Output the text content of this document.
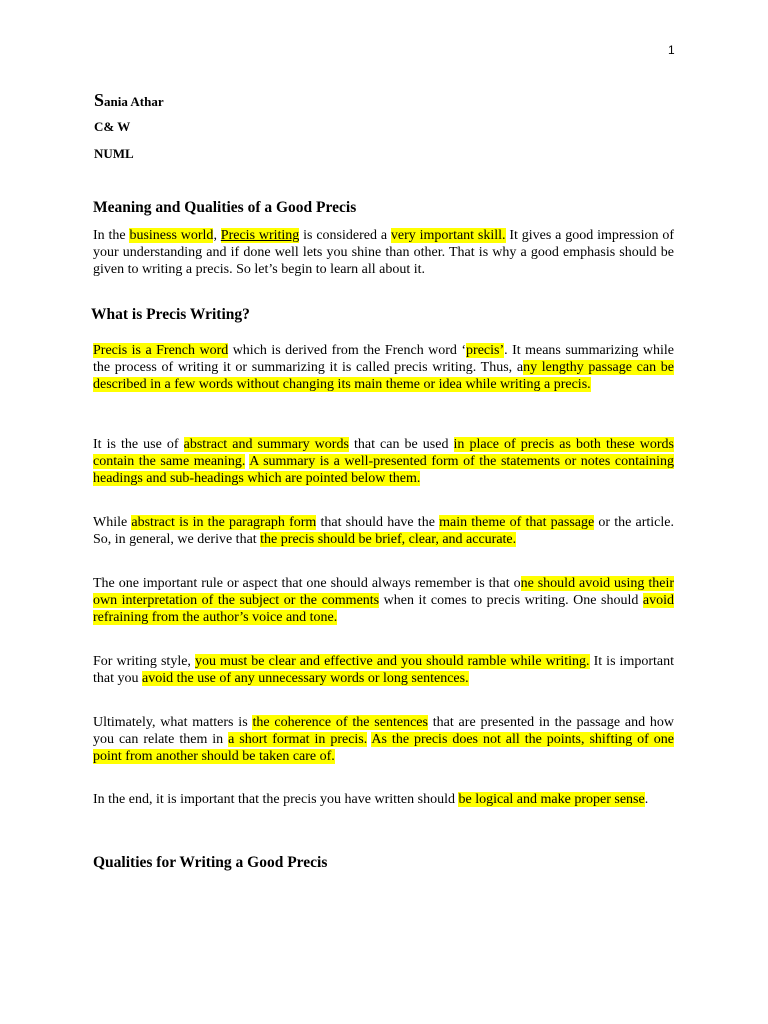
1
Sania Athar
C& W
NUML
Meaning and Qualities of a Good Precis
In the business world, Precis writing is considered a very important skill. It gives a good impression of your understanding and if done well lets you shine than other. That is why a good emphasis should be given to writing a precis. So let’s begin to learn all about it.
What is Precis Writing?
Precis is a French word which is derived from the French word ‘precis’. It means summarizing while the process of writing it or summarizing it is called precis writing. Thus, any lengthy passage can be described in a few words without changing its main theme or idea while writing a precis.
It is the use of abstract and summary words that can be used in place of precis as both these words contain the same meaning. A summary is a well-presented form of the statements or notes containing headings and sub-headings which are pointed below them.
While abstract is in the paragraph form that should have the main theme of that passage or the article. So, in general, we derive that the precis should be brief, clear, and accurate.
The one important rule or aspect that one should always remember is that one should avoid using their own interpretation of the subject or the comments when it comes to precis writing. One should avoid refraining from the author’s voice and tone.
For writing style, you must be clear and effective and you should ramble while writing. It is important that you avoid the use of any unnecessary words or long sentences.
Ultimately, what matters is the coherence of the sentences that are presented in the passage and how you can relate them in a short format in precis. As the precis does not all the points, shifting of one point from another should be taken care of.
In the end, it is important that the precis you have written should be logical and make proper sense.
Qualities for Writing a Good Precis
